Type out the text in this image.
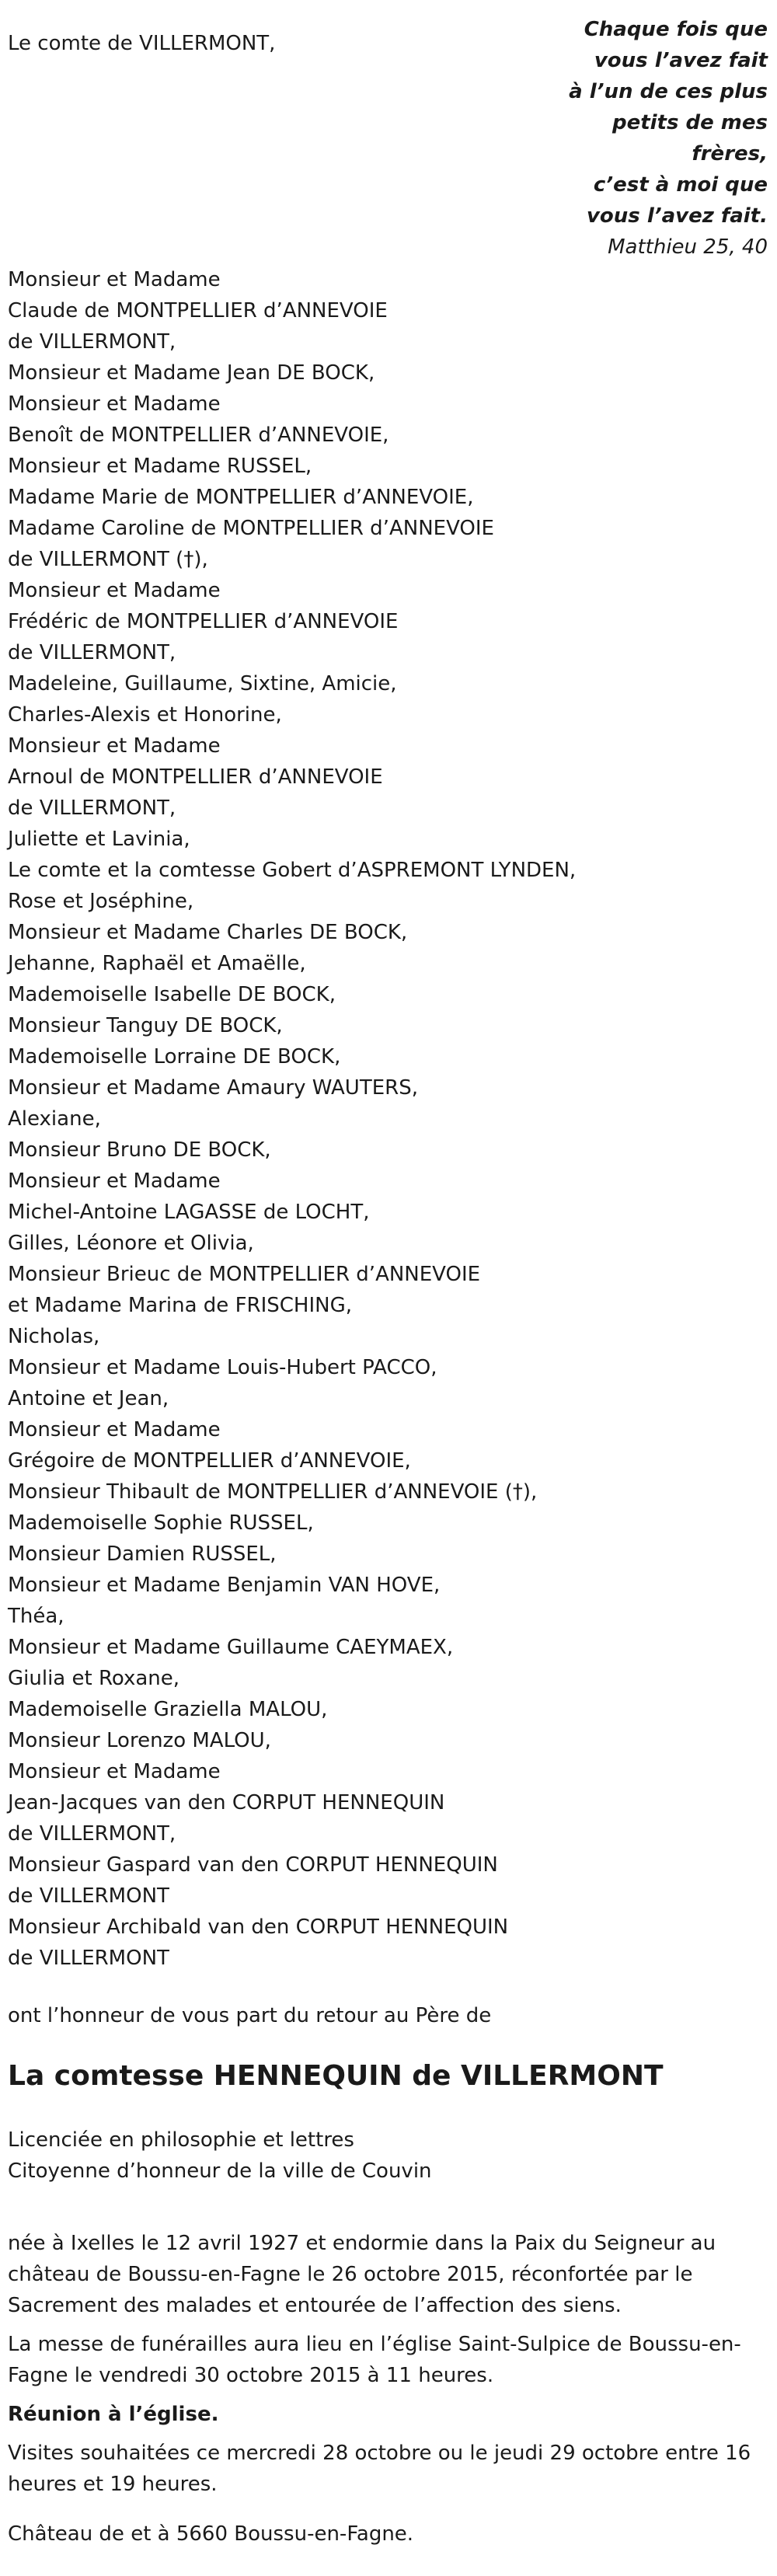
Le comte de VILLERMONT,
Chaque fois que
vous l’avez fait
à l’un de ces plus
petits de mes
frères,
c’est à moi que
vous l’avez fait.
Matthieu 25, 40
Monsieur et Madame
Claude de MONTPELLIER d’ANNEVOIE
de VILLERMONT,
Monsieur et Madame Jean DE BOCK,
Monsieur et Madame
Benoît de MONTPELLIER d’ANNEVOIE,
Monsieur et Madame RUSSEL,
Madame Marie de MONTPELLIER d’ANNEVOIE,
Madame Caroline de MONTPELLIER d’ANNEVOIE
de VILLERMONT (†),
Monsieur et Madame
Frédéric de MONTPELLIER d’ANNEVOIE
de VILLERMONT,
Madeleine, Guillaume, Sixtine, Amicie,
Charles-Alexis et Honorine,
Monsieur et Madame
Arnoul de MONTPELLIER d’ANNEVOIE
de VILLERMONT,
Juliette et Lavinia,
Le comte et la comtesse Gobert d’ASPREMONT LYNDEN,
Rose et Joséphine,
Monsieur et Madame Charles DE BOCK,
Jehanne, Raphaël et Amaëlle,
Mademoiselle Isabelle DE BOCK,
Monsieur Tanguy DE BOCK,
Mademoiselle Lorraine DE BOCK,
Monsieur et Madame Amaury WAUTERS,
Alexiane,
Monsieur Bruno DE BOCK,
Monsieur et Madame
Michel-Antoine LAGASSE de LOCHT,
Gilles, Léonore et Olivia,
Monsieur Brieuc de MONTPELLIER d’ANNEVOIE
et Madame Marina de FRISCHING,
Nicholas,
Monsieur et Madame Louis-Hubert PACCO,
Antoine et Jean,
Monsieur et Madame
Grégoire de MONTPELLIER d’ANNEVOIE,
Monsieur Thibault de MONTPELLIER d’ANNEVOIE (†),
Mademoiselle Sophie RUSSEL,
Monsieur Damien RUSSEL,
Monsieur et Madame Benjamin VAN HOVE,
Théa,
Monsieur et Madame Guillaume CAEYMAEX,
Giulia et Roxane,
Mademoiselle Graziella MALOU,
Monsieur Lorenzo MALOU,
Monsieur et Madame
Jean-Jacques van den CORPUT HENNEQUIN
de VILLERMONT,
Monsieur Gaspard van den CORPUT HENNEQUIN
de VILLERMONT
Monsieur Archibald van den CORPUT HENNEQUIN
de VILLERMONT
ont l’honneur de vous part du retour au Père de
La comtesse HENNEQUIN de VILLERMONT
Licenciée en philosophie et lettres
Citoyenne d’honneur de la ville de Couvin

née à Ixelles le 12 avril 1927 et endormie dans la Paix du Seigneur au château de Boussu-en-Fagne le 26 octobre 2015, réconfortée par le Sacrement des malades et entourée de l’affection des siens.

La messe de funérailles aura lieu en l’église Saint-Sulpice de Boussu-en-Fagne le vendredi 30 octobre 2015 à 11 heures.

Réunion à l’église.

Visites souhaitées ce mercredi 28 octobre ou le jeudi 29 octobre entre 16 heures et 19 heures.

Château de et à 5660 Boussu-en-Fagne.
